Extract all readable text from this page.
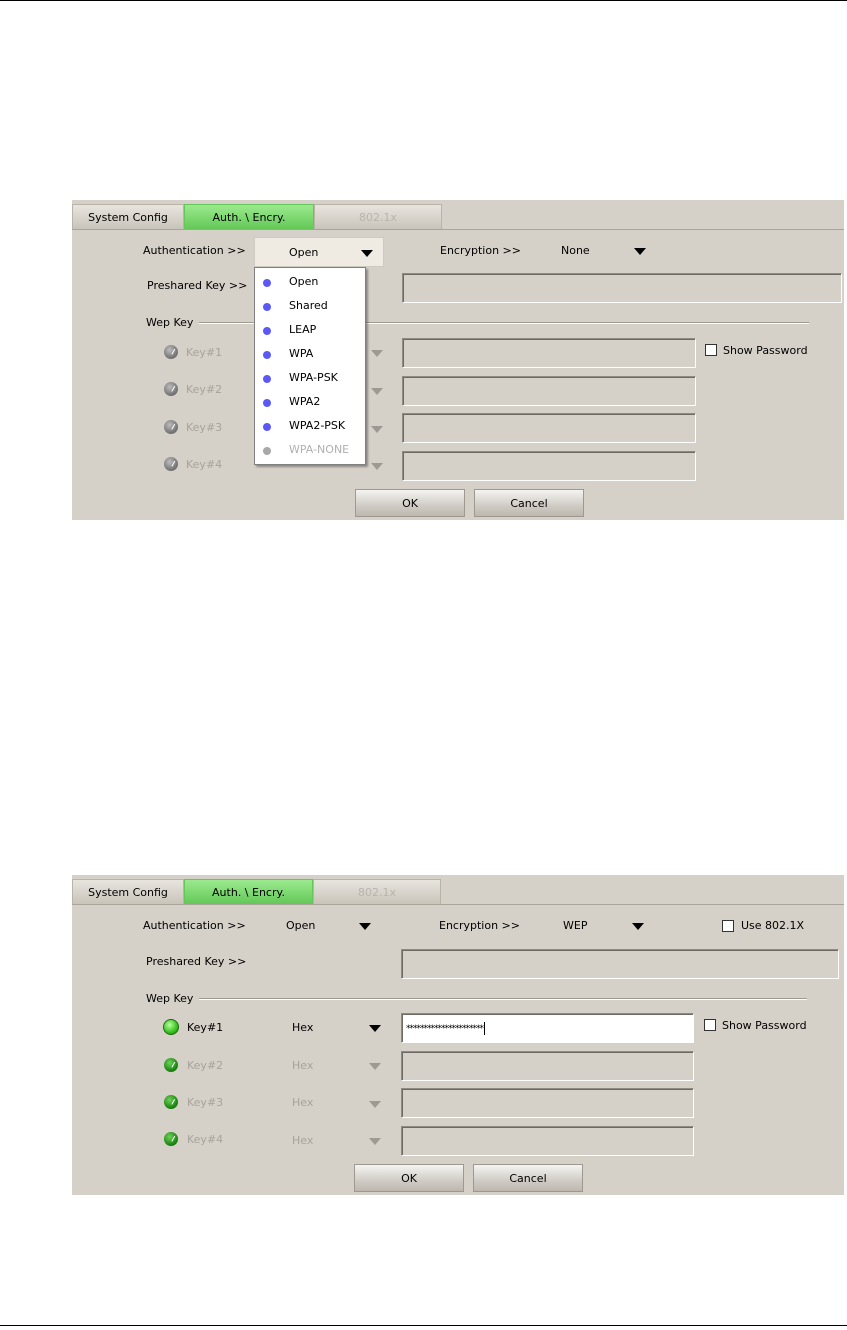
System Config	Auth. \ Encry.	802.1x
Authentication >>	Open	Encryption >>	None
Preshared Key >>
Wep Key
Key#1	Show Password
Key#2
Key#3
Key#4
OK	Cancel
Open
Shared
LEAP
WPA
WPA-PSK
WPA2
WPA2-PSK
WPA-NONE
System Config	Auth. \ Encry.	802.1x
Authentication >>	Open	Encryption >>	WEP	Use 802.1X
Preshared Key >>
Wep Key
Key#1	Hex	**********************	Show Password
Key#2	Hex
Key#3	Hex
Key#4	Hex
OK	Cancel
